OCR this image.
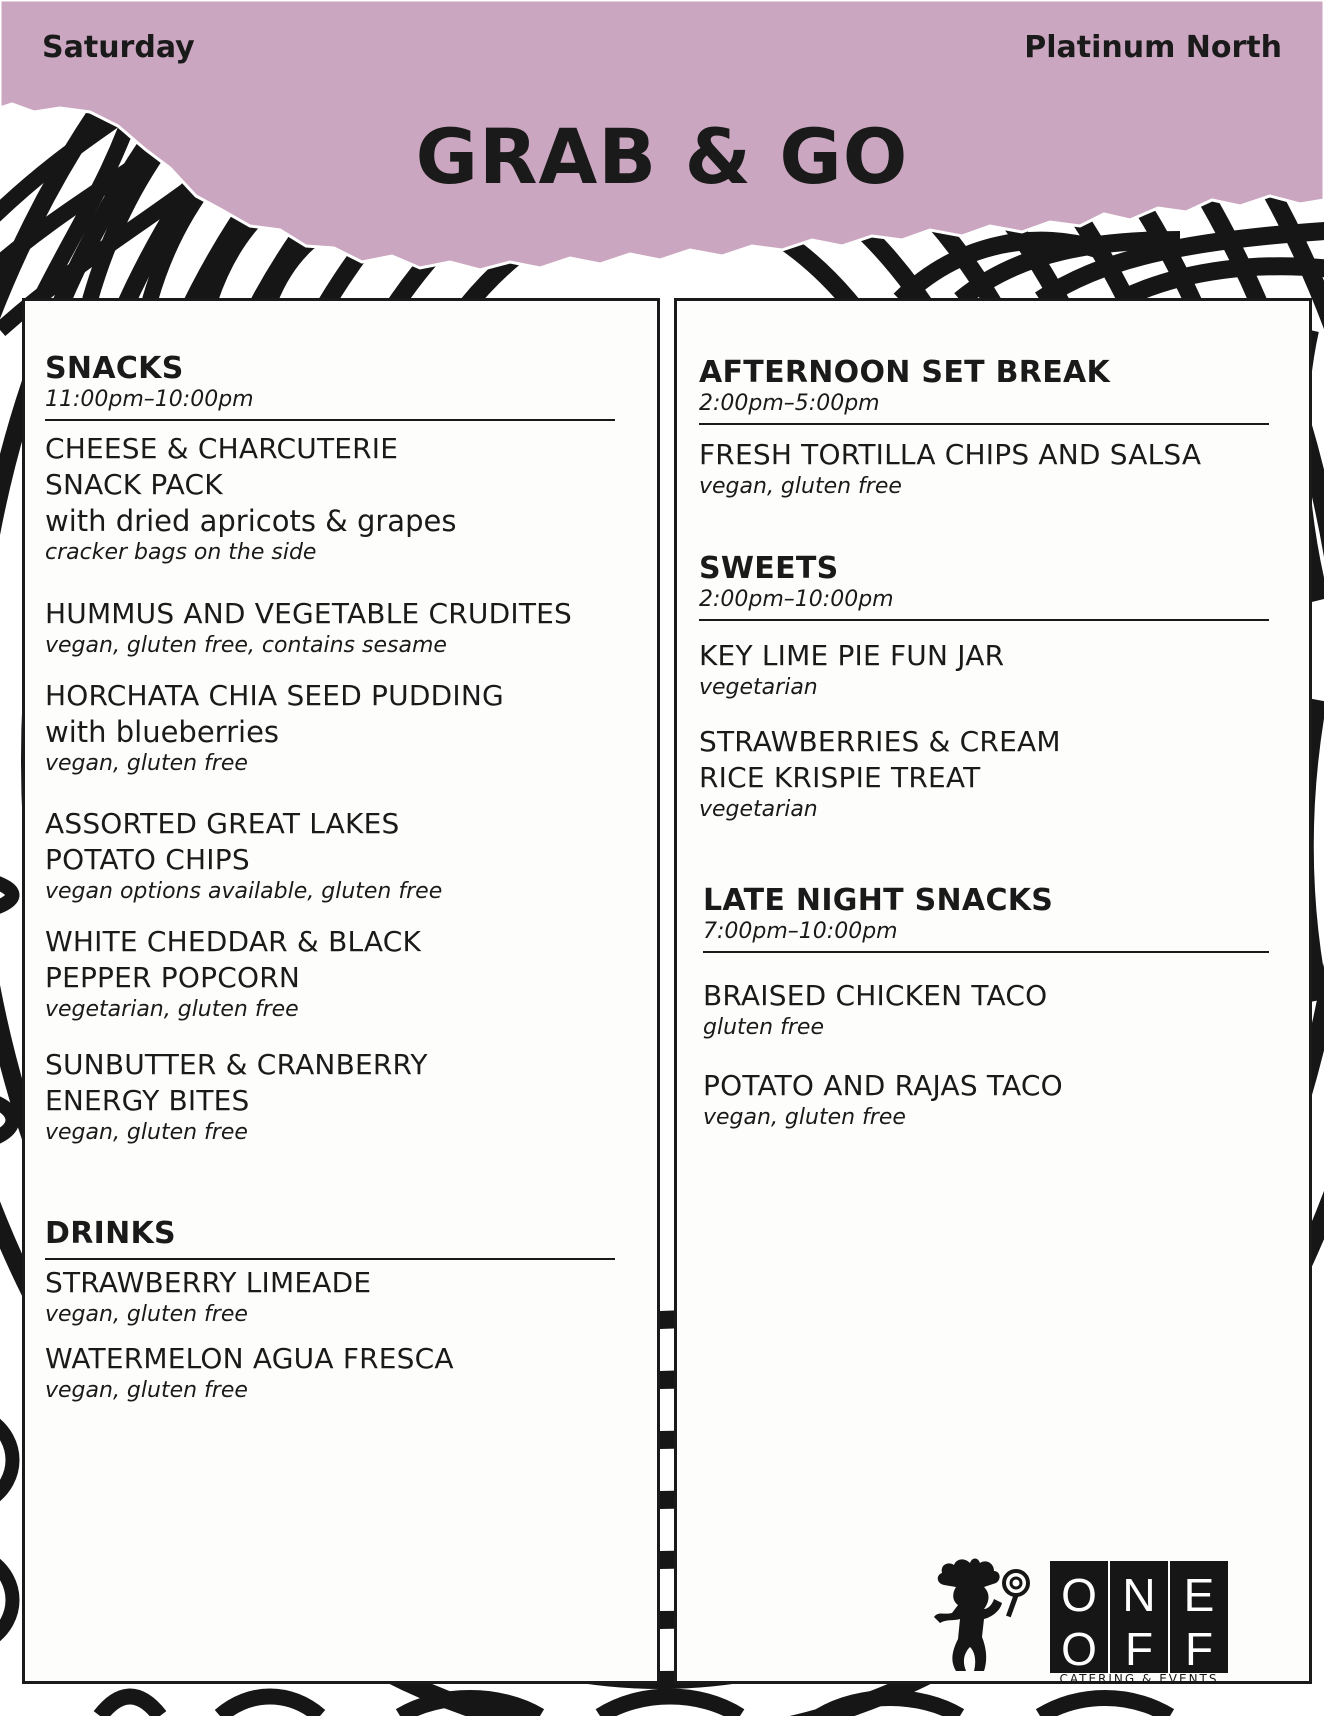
Saturday	Platinum North
GRAB & GO
SNACKS
11:00pm–10:00pm
CHEESE & CHARCUTERIE
SNACK PACK
with dried apricots & grapes
cracker bags on the side
HUMMUS AND VEGETABLE CRUDITES
vegan, gluten free, contains sesame
HORCHATA CHIA SEED PUDDING
with blueberries
vegan, gluten free
ASSORTED GREAT LAKES
POTATO CHIPS
vegan options available, gluten free
WHITE CHEDDAR & BLACK
PEPPER POPCORN
vegetarian, gluten free
SUNBUTTER & CRANBERRY
ENERGY BITES
vegan, gluten free
DRINKS
STRAWBERRY LIMEADE
vegan, gluten free
WATERMELON AGUA FRESCA
vegan, gluten free
AFTERNOON SET BREAK
2:00pm–5:00pm
FRESH TORTILLA CHIPS AND SALSA
vegan, gluten free
SWEETS
2:00pm–10:00pm
KEY LIME PIE FUN JAR
vegetarian
STRAWBERRIES & CREAM
RICE KRISPIE TREAT
vegetarian
LATE NIGHT SNACKS
7:00pm–10:00pm
BRAISED CHICKEN TACO
gluten free
POTATO AND RAJAS TACO
vegan, gluten free
O N E
O F F
CATERING & EVENTS
